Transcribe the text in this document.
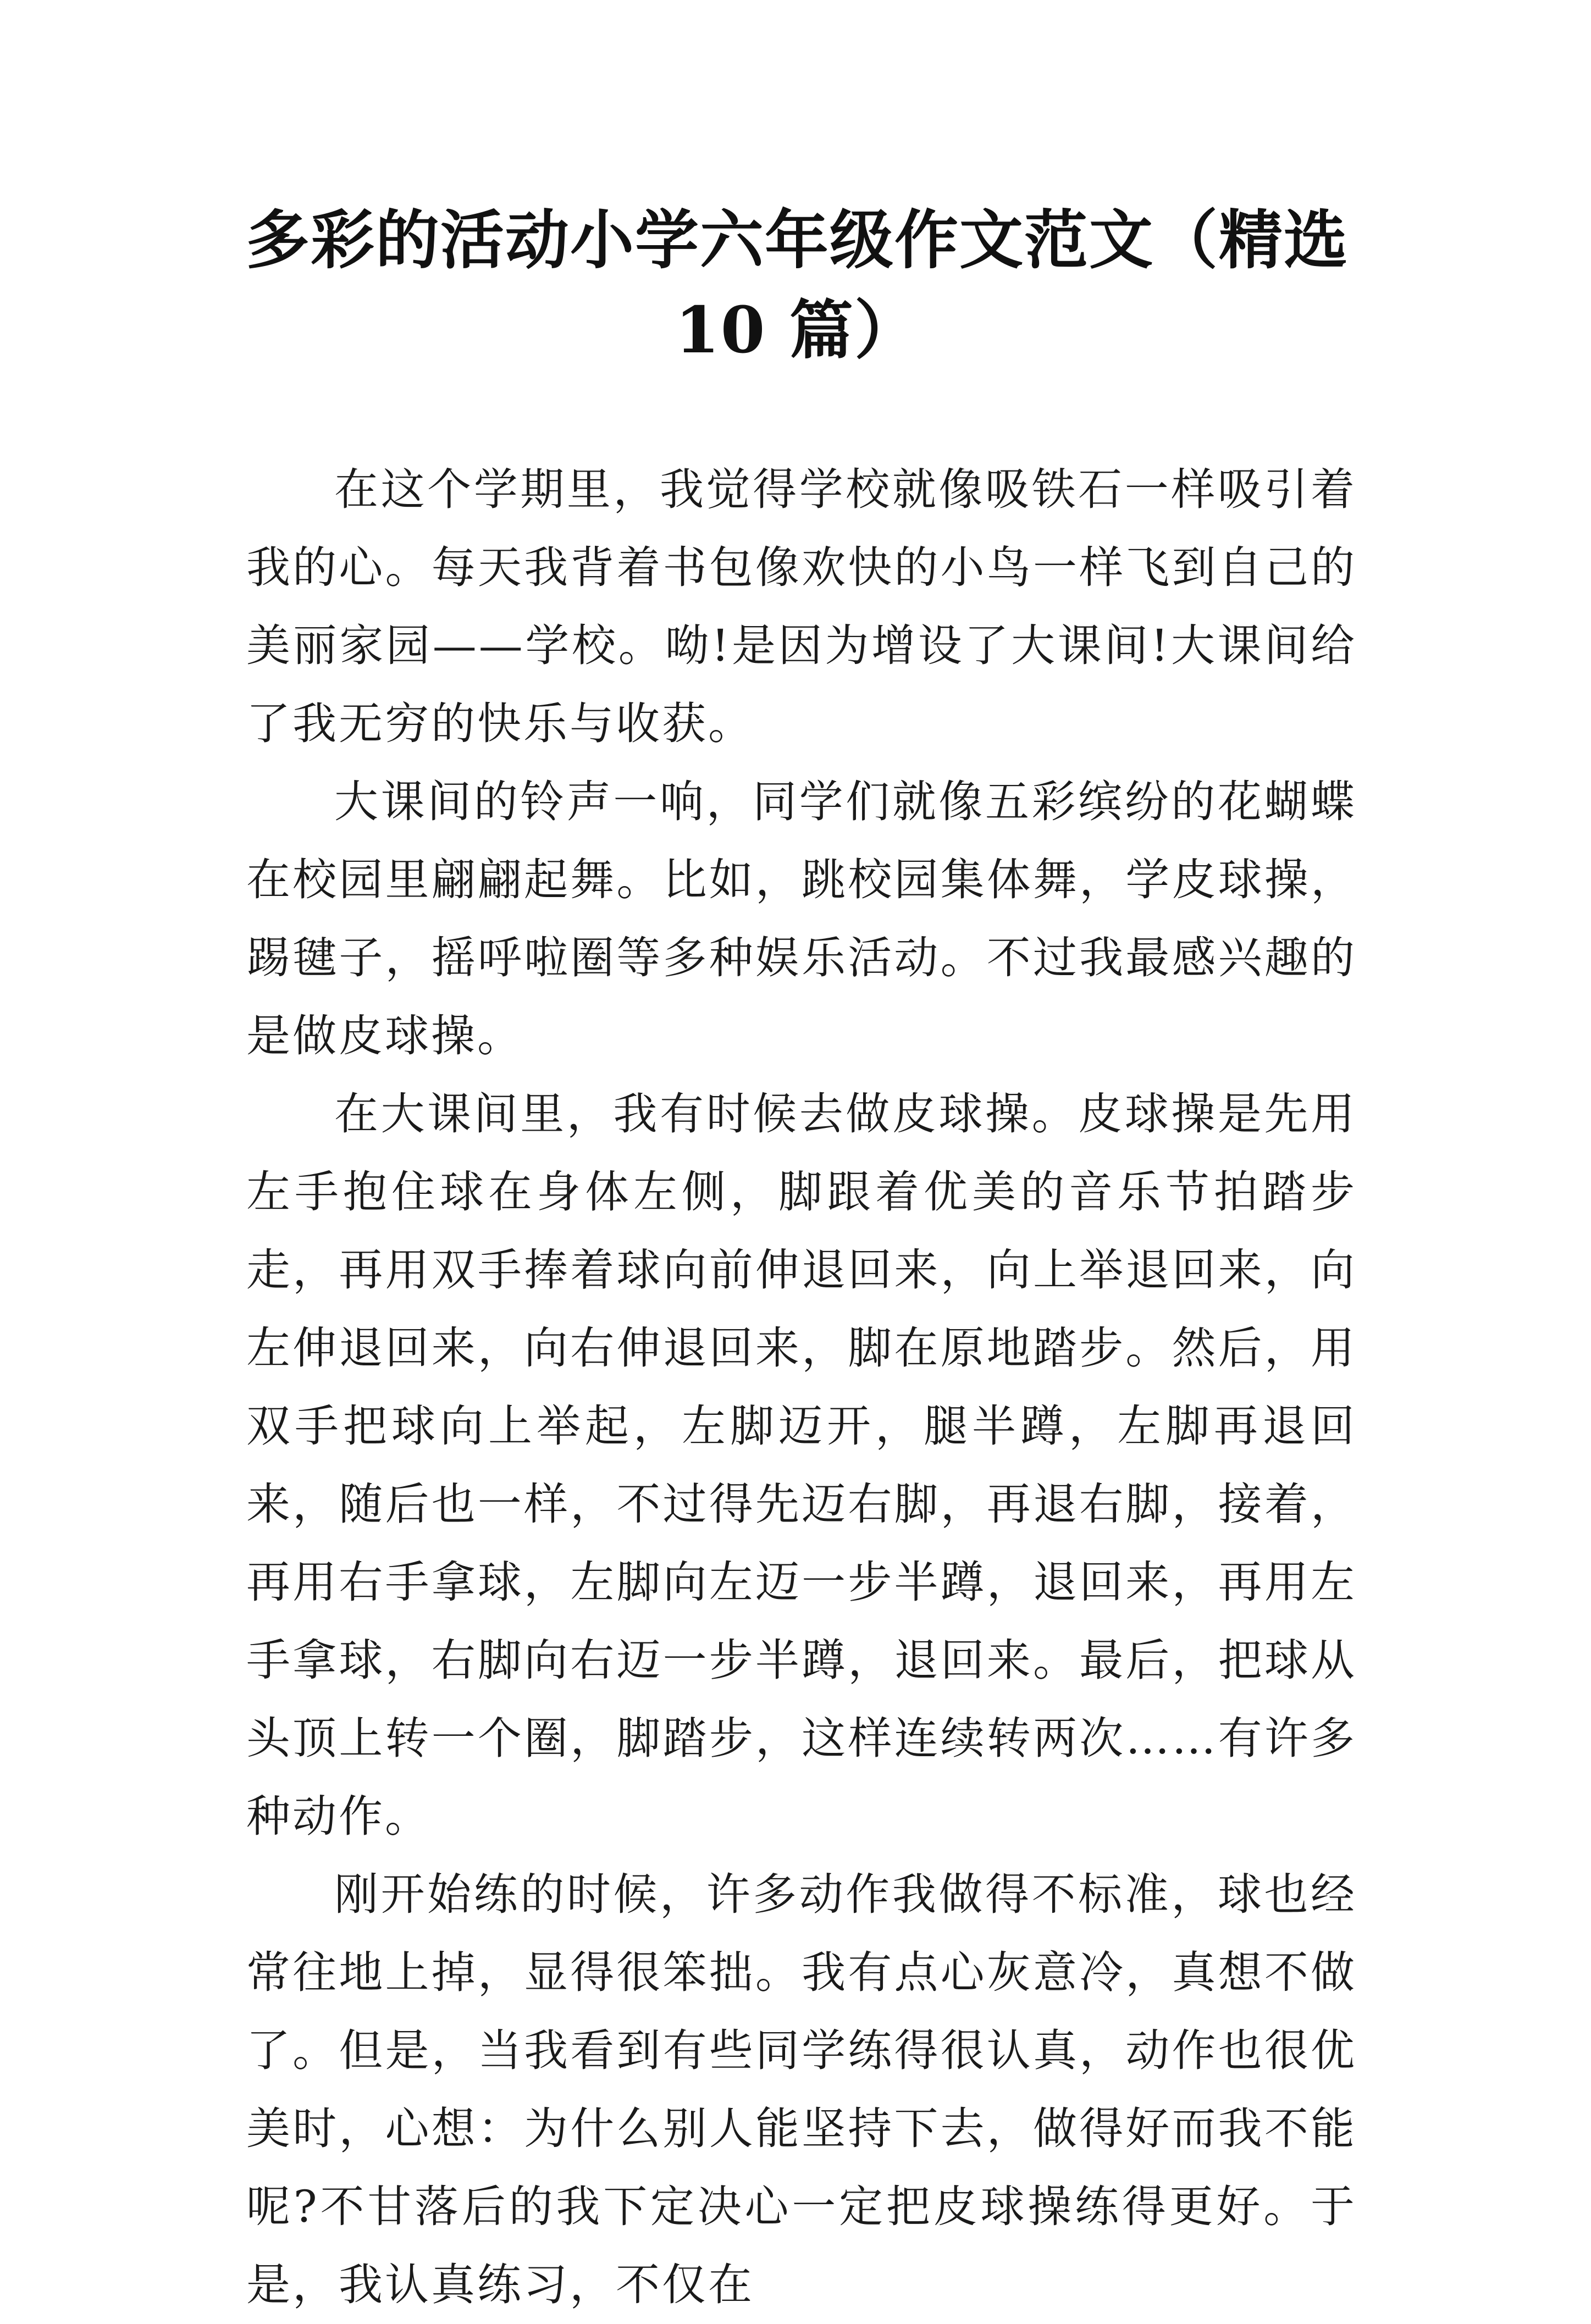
多彩的活动小学六年级作文范文（精选 10 篇）

在这个学期里，我觉得学校就像吸铁石一样吸引着我的心。每天我背着书包像欢快的小鸟一样飞到自己的美丽家园——学校。呦!是因为增设了大课间!大课间给了我无穷的快乐与收获。

大课间的铃声一响，同学们就像五彩缤纷的花蝴蝶在校园里翩翩起舞。比如，跳校园集体舞，学皮球操，踢毽子，摇呼啦圈等多种娱乐活动。不过我最感兴趣的是做皮球操。

在大课间里，我有时候去做皮球操。皮球操是先用左手抱住球在身体左侧，脚跟着优美的音乐节拍踏步走，再用双手捧着球向前伸退回来，向上举退回来，向左伸退回来，向右伸退回来，脚在原地踏步。然后，用双手把球向上举起，左脚迈开，腿半蹲，左脚再退回来，随后也一样，不过得先迈右脚，再退右脚，接着，再用右手拿球，左脚向左迈一步半蹲，退回来，再用左手拿球，右脚向右迈一步半蹲，退回来。最后，把球从头顶上转一个圈，脚踏步，这样连续转两次……有许多种动作。

刚开始练的时候，许多动作我做得不标准，球也经常往地上掉，显得很笨拙。我有点心灰意冷，真想不做了。但是，当我看到有些同学练得很认真，动作也很优美时，心想：为什么别人能坚持下去，做得好而我不能呢?不甘落后的我下定决心一定把皮球操练得更好。于是，我认真练习，不仅在
